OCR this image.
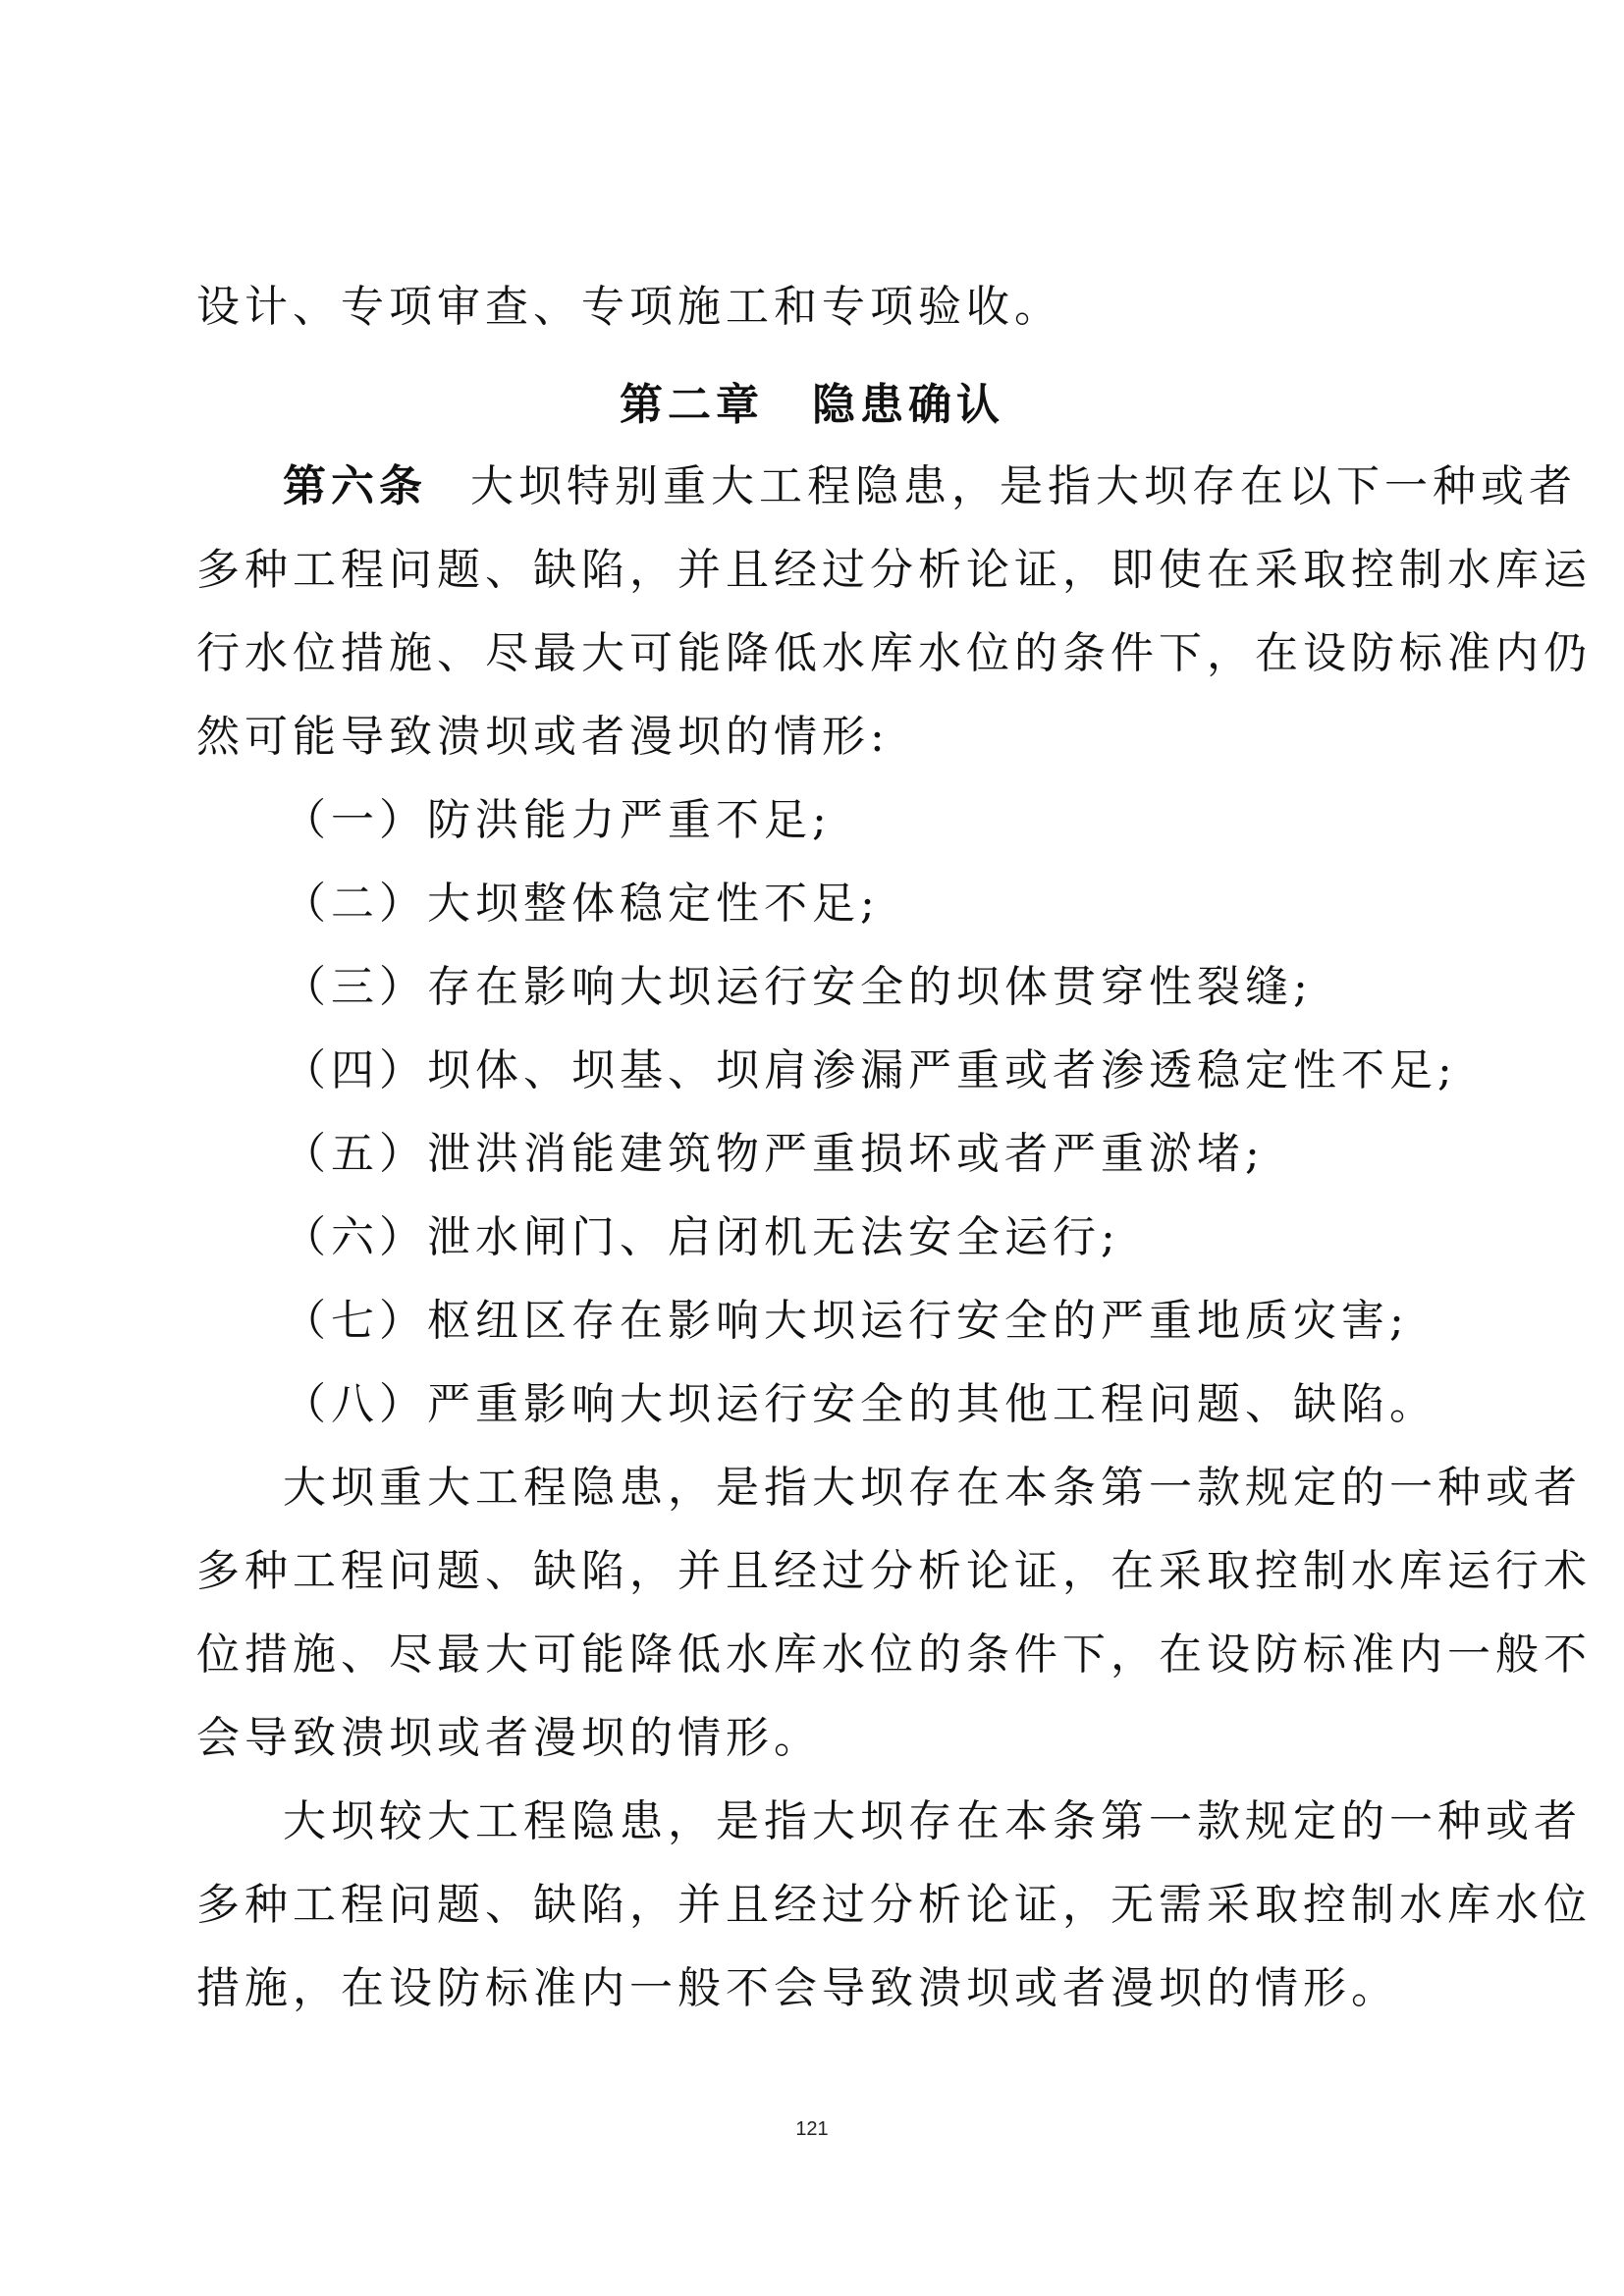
设计、专项审查、专项施工和专项验收。
第二章　隐患确认
第六条 大坝特别重大工程隐患，是指大坝存在以下一种或者
多种工程问题、缺陷，并且经过分析论证，即使在采取控制水库运
行水位措施、尽最大可能降低水库水位的条件下，在设防标准内仍
然可能导致溃坝或者漫坝的情形:
（一）防洪能力严重不足;
（二）大坝整体稳定性不足;
（三）存在影响大坝运行安全的坝体贯穿性裂缝;
（四）坝体、坝基、坝肩渗漏严重或者渗透稳定性不足;
（五）泄洪消能建筑物严重损坏或者严重淤堵;
（六）泄水闸门、启闭机无法安全运行;
（七）枢纽区存在影响大坝运行安全的严重地质灾害;
（八）严重影响大坝运行安全的其他工程问题、缺陷。
大坝重大工程隐患，是指大坝存在本条第一款规定的一种或者
多种工程问题、缺陷，并且经过分析论证，在采取控制水库运行术
位措施、尽最大可能降低水库水位的条件下，在设防标准内一般不
会导致溃坝或者漫坝的情形。
大坝较大工程隐患，是指大坝存在本条第一款规定的一种或者
多种工程问题、缺陷，并且经过分析论证，无需采取控制水库水位
措施，在设防标准内一般不会导致溃坝或者漫坝的情形。
121
